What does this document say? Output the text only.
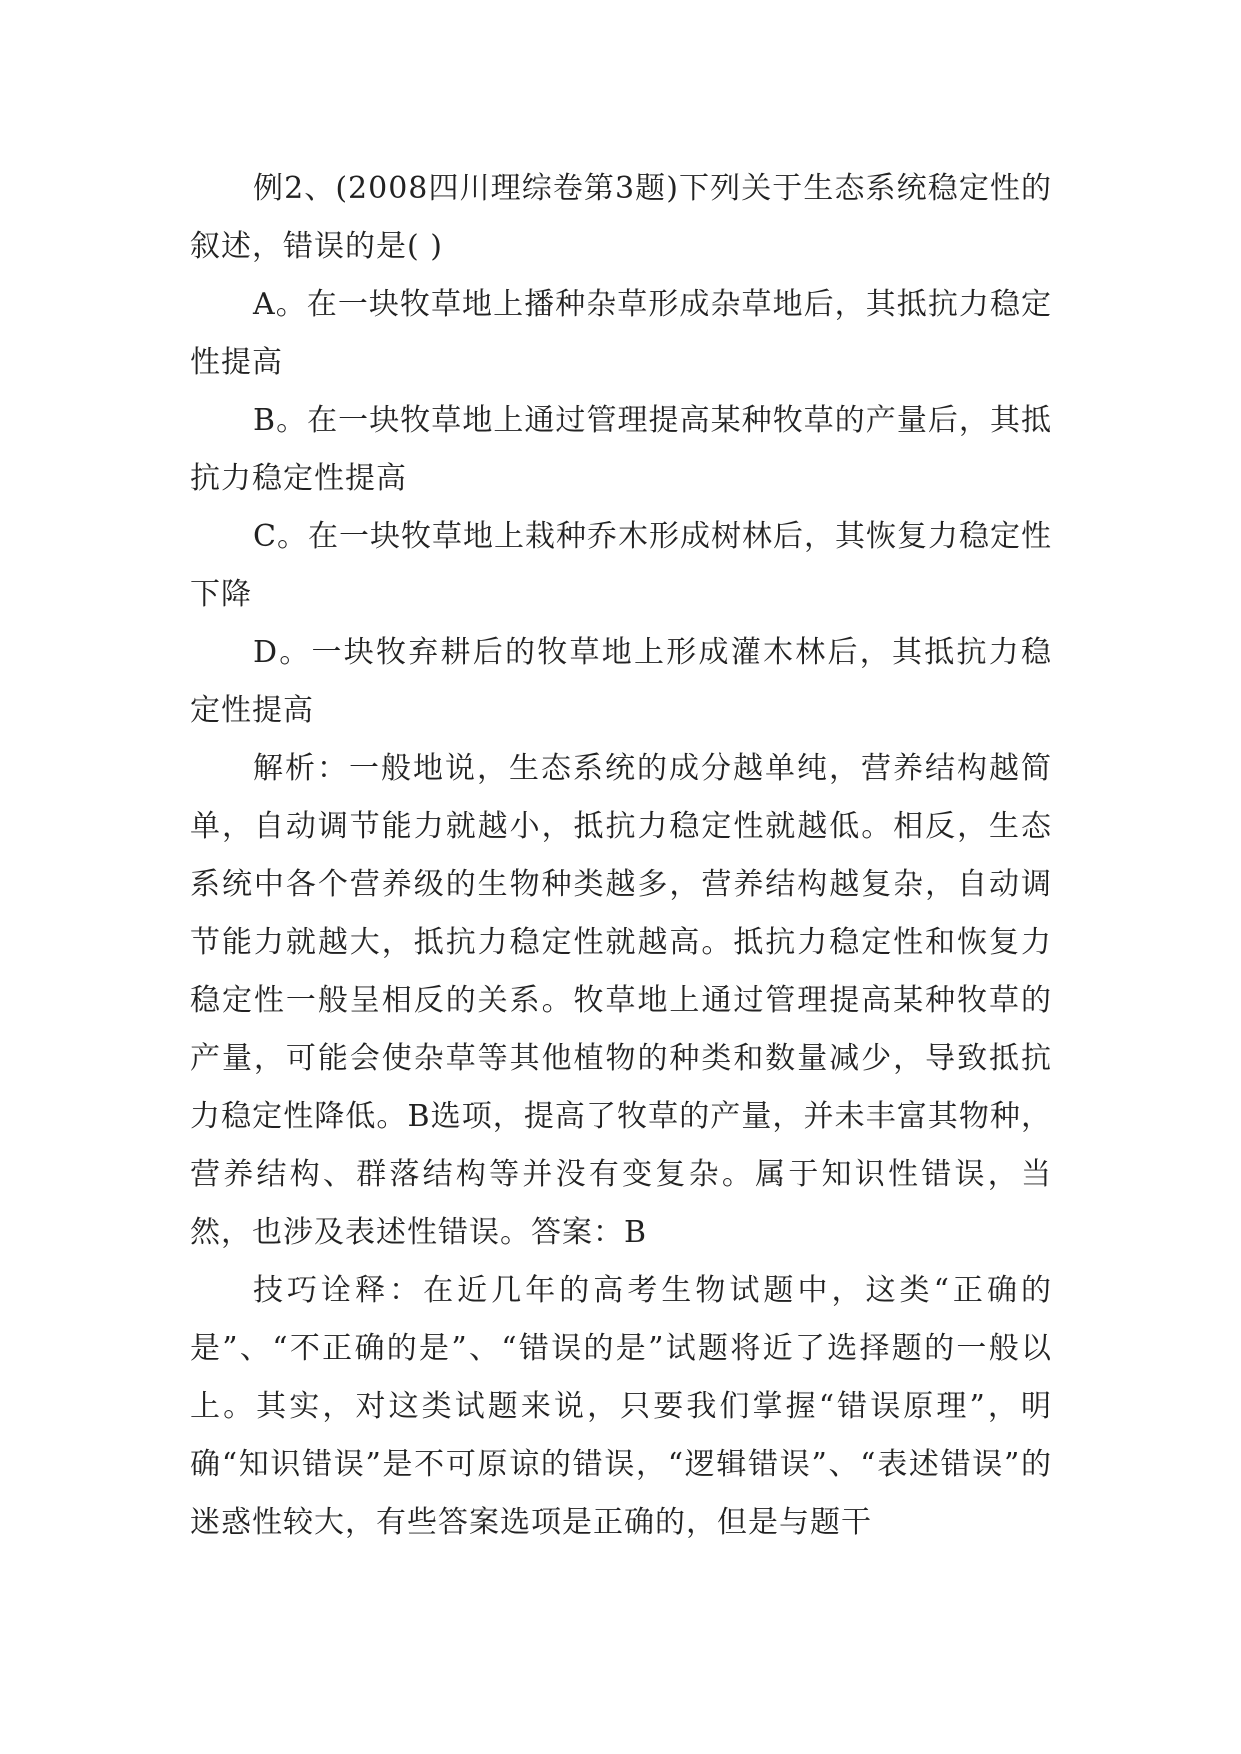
例2、(2008四川理综卷第3题)下列关于生态系统稳定性的叙述，错误的是( )

A。在一块牧草地上播种杂草形成杂草地后，其抵抗力稳定性提高

B。在一块牧草地上通过管理提高某种牧草的产量后，其抵抗力稳定性提高

C。在一块牧草地上栽种乔木形成树林后，其恢复力稳定性下降

D。一块牧弃耕后的牧草地上形成灌木林后，其抵抗力稳定性提高

解析：一般地说，生态系统的成分越单纯，营养结构越简单，自动调节能力就越小，抵抗力稳定性就越低。相反，生态系统中各个营养级的生物种类越多，营养结构越复杂，自动调节能力就越大，抵抗力稳定性就越高。抵抗力稳定性和恢复力稳定性一般呈相反的关系。牧草地上通过管理提高某种牧草的产量，可能会使杂草等其他植物的种类和数量减少，导致抵抗力稳定性降低。B选项，提高了牧草的产量，并未丰富其物种，营养结构、群落结构等并没有变复杂。属于知识性错误，当然，也涉及表述性错误。答案：B

技巧诠释：在近几年的高考生物试题中，这类“正确的是”、“不正确的是”、“错误的是”试题将近了选择题的一般以上。其实，对这类试题来说，只要我们掌握“错误原理”，明确“知识错误”是不可原谅的错误，“逻辑错误”、“表述错误”的迷惑性较大，有些答案选项是正确的，但是与题干
